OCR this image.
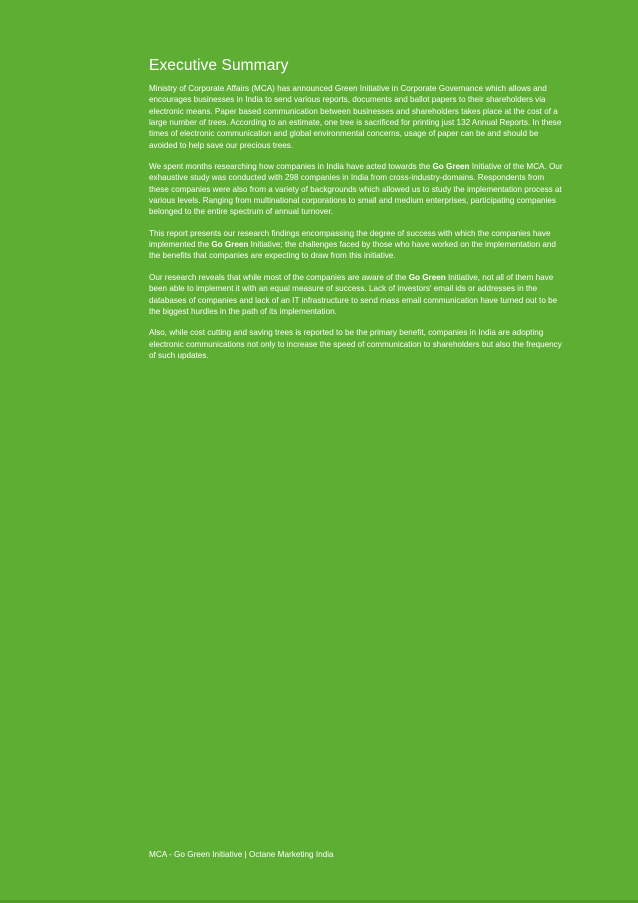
Executive Summary

Ministry of Corporate Affairs (MCA) has announced Green Initiative in Corporate Governance which allows and encourages businesses in India to send various reports, documents and ballot papers to their shareholders via electronic means. Paper based communication between businesses and shareholders takes place at the cost of a large number of trees. According to an estimate, one tree is sacrificed for printing just 132 Annual Reports. In these times of electronic communication and global environmental concerns, usage of paper can be and should be avoided to help save our precious trees.

We spent months researching how companies in India have acted towards the Go Green Initiative of the MCA. Our exhaustive study was conducted with 298 companies in India from cross-industry-domains. Respondents from these companies were also from a variety of backgrounds which allowed us to study the implementation process at various levels. Ranging from multinational corporations to small and medium enterprises, participating companies belonged to the entire spectrum of annual turnover.

This report presents our research findings encompassing the degree of success with which the companies have implemented the Go Green Initiative; the challenges faced by those who have worked on the implementation and the benefits that companies are expecting to draw from this initiative.

Our research reveals that while most of the companies are aware of the Go Green Initiative, not all of them have been able to implement it with an equal measure of success. Lack of investors' email ids or addresses in the databases of companies and lack of an IT infrastructure to send mass email communication have turned out to be the biggest hurdles in the path of its implementation.

Also, while cost cutting and saving trees is reported to be the primary benefit, companies in India are adopting electronic communications not only to increase the speed of communication to shareholders but also the frequency of such updates.

MCA - Go Green Initiative | Octane Marketing India
